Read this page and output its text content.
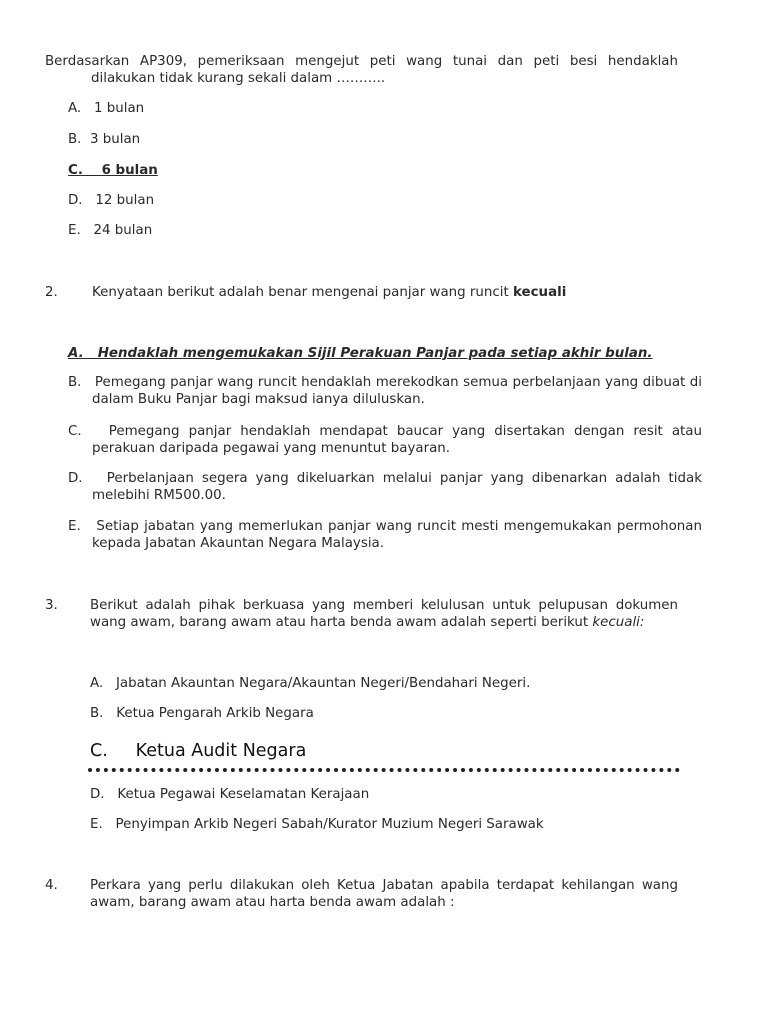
Berdasarkan AP309, pemeriksaan mengejut peti wang tunai dan peti besi hendaklah dilakukan tidak kurang sekali dalam ………..
A. 1 bulan
B. 3 bulan
C. 6 bulan
D. 12 bulan
E. 24 bulan
2.	Kenyataan berikut adalah benar mengenai panjar wang runcit kecuali
A. Hendaklah mengemukakan Sijil Perakuan Panjar pada setiap akhir bulan.
B. Pemegang panjar wang runcit hendaklah merekodkan semua perbelanjaan yang dibuat di dalam Buku Panjar bagi maksud ianya diluluskan.
C. Pemegang panjar hendaklah mendapat baucar yang disertakan dengan resit atau perakuan daripada pegawai yang menuntut bayaran.
D. Perbelanjaan segera yang dikeluarkan melalui panjar yang dibenarkan adalah tidak melebihi RM500.00.
E. Setiap jabatan yang memerlukan panjar wang runcit mesti mengemukakan permohonan kepada Jabatan Akauntan Negara Malaysia.
3. Berikut adalah pihak berkuasa yang memberi kelulusan untuk pelupusan dokumen wang awam, barang awam atau harta benda awam adalah seperti berikut kecuali:
A. Jabatan Akauntan Negara/Akauntan Negeri/Bendahari Negeri.
B. Ketua Pengarah Arkib Negara
C. Ketua Audit Negara
D. Ketua Pegawai Keselamatan Kerajaan
E. Penyimpan Arkib Negeri Sabah/Kurator Muzium Negeri Sarawak
4. Perkara yang perlu dilakukan oleh Ketua Jabatan apabila terdapat kehilangan wang awam, barang awam atau harta benda awam adalah :
